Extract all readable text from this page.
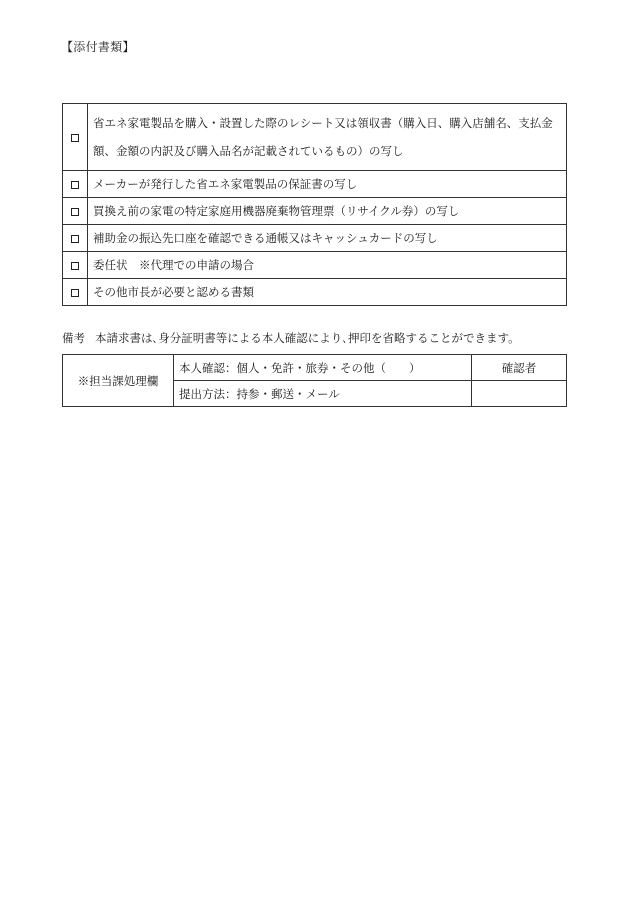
【添付書類】
	省エネ家電製品を購入・設置した際のレシート又は領収書（購入日、購入店舗名、支払金額、金額の内訳及び購入品名が記載されているもの）の写し
	メーカーが発行した省エネ家電製品の保証書の写し
	買換え前の家電の特定家庭用機器廃棄物管理票（リサイクル券）の写し
	補助金の振込先口座を確認できる通帳又はキャッシュカードの写し
	委任状　※代理での申請の場合
	その他市長が必要と認める書類
備考 本請求書は､身分証明書等による本人確認により､押印を省略することができます。
※担当課処理欄	本人確認：個人・免許・旅券・その他（　　）	確認者
	提出方法：持参・郵送・メール	
